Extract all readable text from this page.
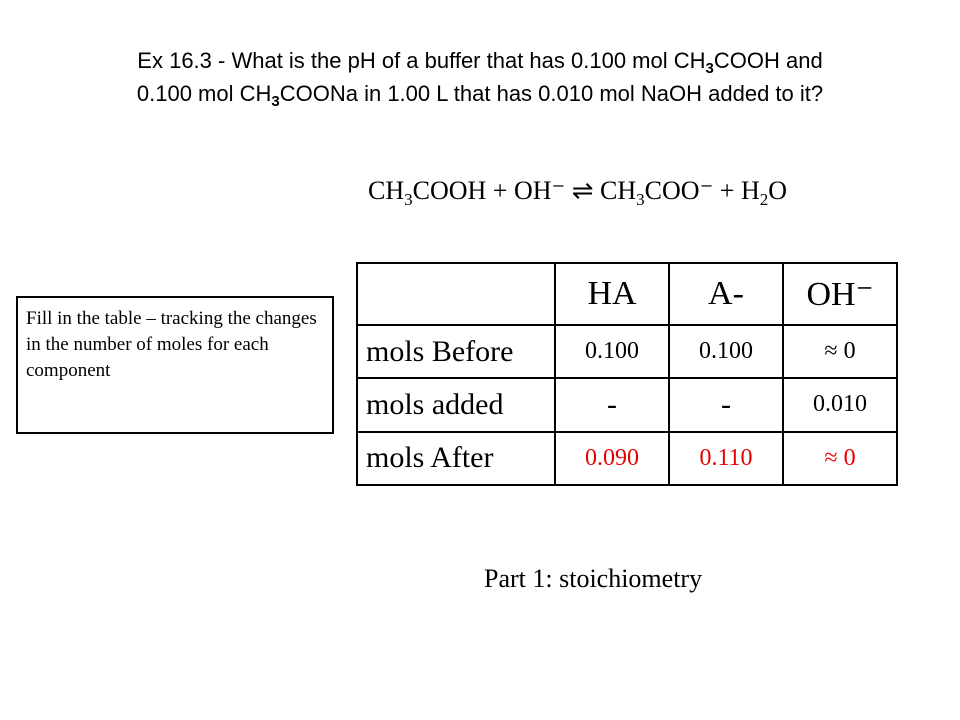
Ex 16.3 - What is the pH of a buffer that has 0.100 mol $CH_3COOH$ and
0.100 mol $CH_3COONa$ in 1.00 L that has 0.010 mol NaOH added to it?
$CH_3COOH + OH^-$ ⇌ $CH_3COO^- + H_2O$
Fill in the table – tracking the changes in the number of moles for each component
	HA	A-	OH⁻
mols Before	0.100	0.100	≈ 0
mols added	-	-	0.010
mols After	0.090	0.110	≈ 0
Part 1: stoichiometry
